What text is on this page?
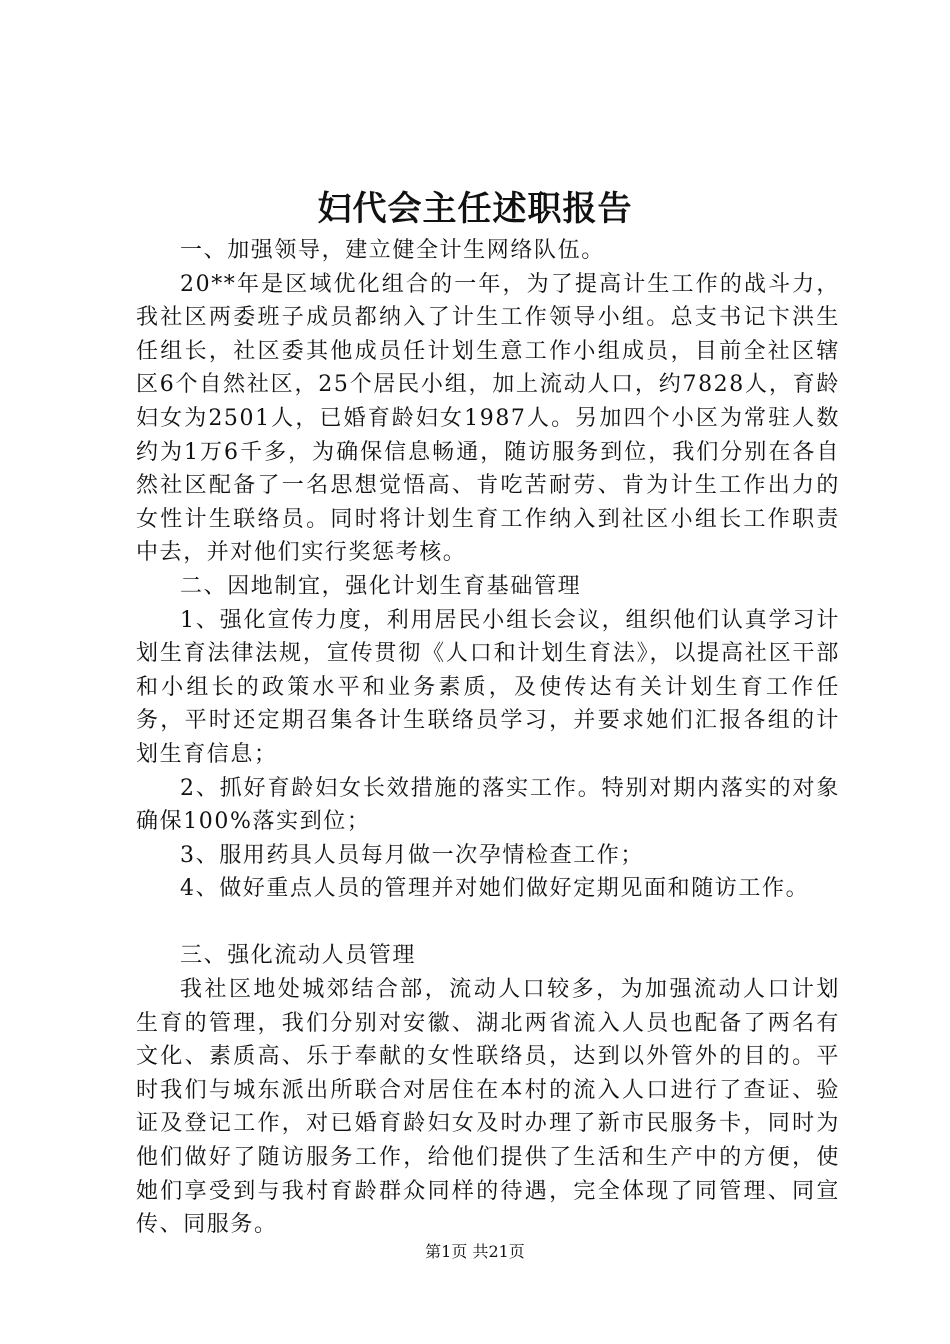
妇代会主任述职报告

一、加强领导，建立健全计生网络队伍。

20**年是区域优化组合的一年，为了提高计生工作的战斗力，我社区两委班子成员都纳入了计生工作领导小组。总支书记卞洪生任组长，社区委其他成员任计划生意工作小组成员，目前全社区辖区6个自然社区，25个居民小组，加上流动人口，约7828人，育龄妇女为2501人，已婚育龄妇女1987人。另加四个小区为常驻人数约为1万6千多，为确保信息畅通，随访服务到位，我们分别在各自然社区配备了一名思想觉悟高、肯吃苦耐劳、肯为计生工作出力的女性计生联络员。同时将计划生育工作纳入到社区小组长工作职责中去，并对他们实行奖惩考核。

二、因地制宜，强化计划生育基础管理

1、强化宣传力度，利用居民小组长会议，组织他们认真学习计划生育法律法规，宣传贯彻《人口和计划生育法》，以提高社区干部和小组长的政策水平和业务素质，及使传达有关计划生育工作任务，平时还定期召集各计生联络员学习，并要求她们汇报各组的计划生育信息；

2、抓好育龄妇女长效措施的落实工作。特别对期内落实的对象确保100%落实到位；

3、服用药具人员每月做一次孕情检查工作；

4、做好重点人员的管理并对她们做好定期见面和随访工作。

三、强化流动人员管理

我社区地处城郊结合部，流动人口较多，为加强流动人口计划生育的管理，我们分别对安徽、湖北两省流入人员也配备了两名有文化、素质高、乐于奉献的女性联络员，达到以外管外的目的。平时我们与城东派出所联合对居住在本村的流入人口进行了查证、验证及登记工作，对已婚育龄妇女及时办理了新市民服务卡，同时为他们做好了随访服务工作，给他们提供了生活和生产中的方便，使她们享受到与我村育龄群众同样的待遇，完全体现了同管理、同宣传、同服务。

第1页 共21页
